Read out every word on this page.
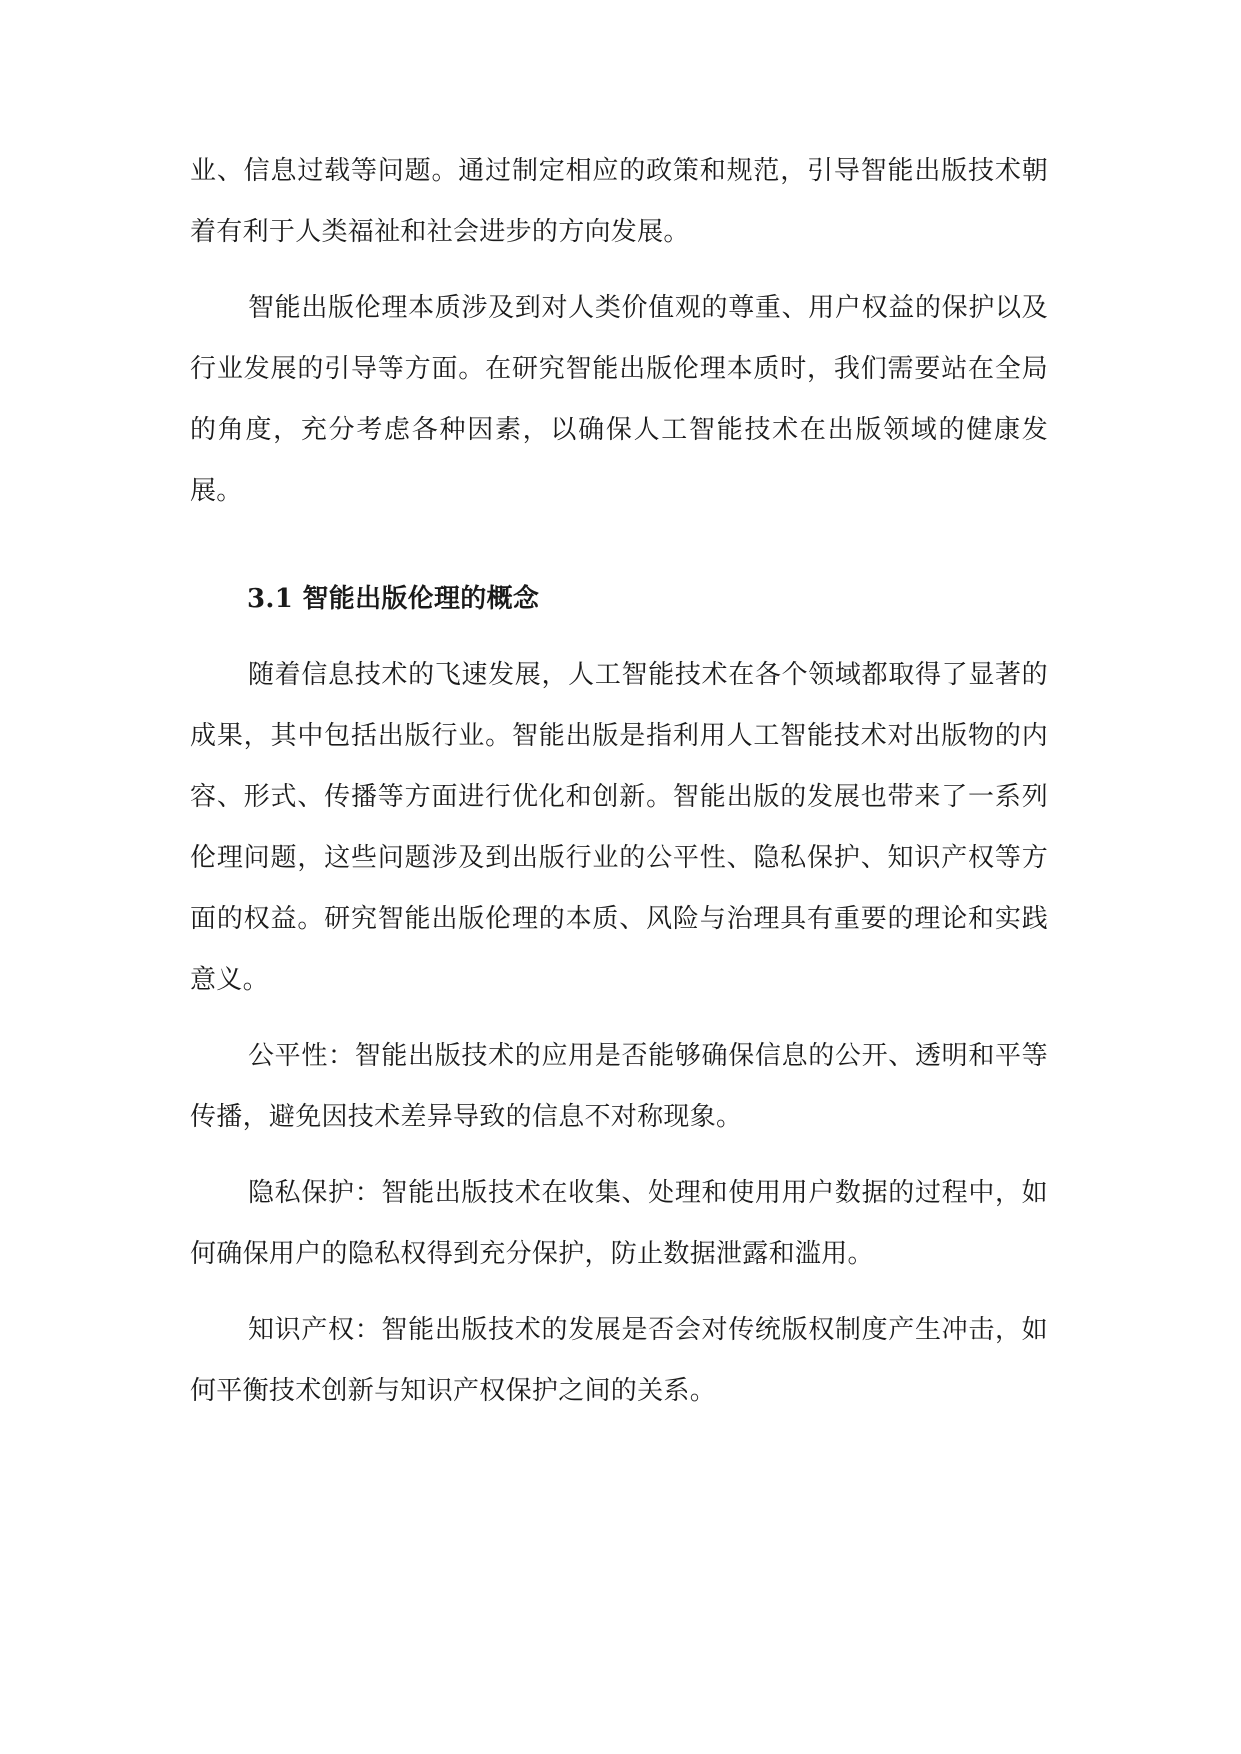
业、信息过载等问题。通过制定相应的政策和规范，引导智能出版技术朝着有利于人类福祉和社会进步的方向发展。

智能出版伦理本质涉及到对人类价值观的尊重、用户权益的保护以及行业发展的引导等方面。在研究智能出版伦理本质时，我们需要站在全局的角度，充分考虑各种因素，以确保人工智能技术在出版领域的健康发展。

3.1 智能出版伦理的概念

随着信息技术的飞速发展，人工智能技术在各个领域都取得了显著的成果，其中包括出版行业。智能出版是指利用人工智能技术对出版物的内容、形式、传播等方面进行优化和创新。智能出版的发展也带来了一系列伦理问题，这些问题涉及到出版行业的公平性、隐私保护、知识产权等方面的权益。研究智能出版伦理的本质、风险与治理具有重要的理论和实践意义。

公平性：智能出版技术的应用是否能够确保信息的公开、透明和平等传播，避免因技术差异导致的信息不对称现象。

隐私保护：智能出版技术在收集、处理和使用用户数据的过程中，如何确保用户的隐私权得到充分保护，防止数据泄露和滥用。

知识产权：智能出版技术的发展是否会对传统版权制度产生冲击，如何平衡技术创新与知识产权保护之间的关系。
